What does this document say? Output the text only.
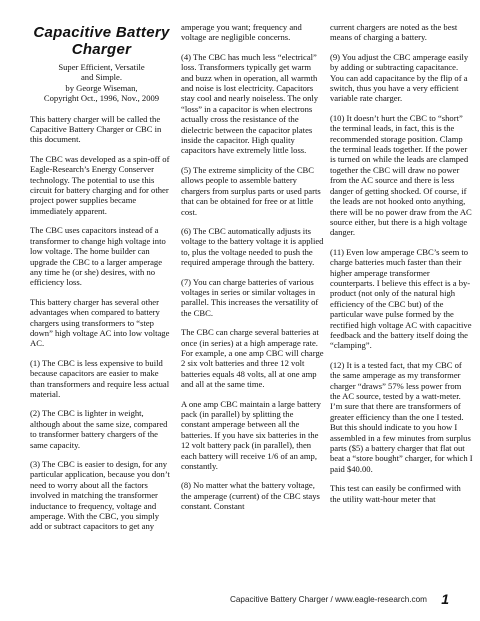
Capacitive Battery
Charger
Super Efficient, Versatile
and Simple.
by George Wiseman,
Copyright Oct., 1996, Nov., 2009

This battery charger will be called the Capacitive Battery Charger or CBC in this document.

The CBC was developed as a spin-off of Eagle-Research’s Energy Conserver technology. The potential to use this circuit for battery charging and for other project power supplies became immediately apparent.

The CBC uses capacitors instead of a transformer to change high voltage into low voltage. The home builder can upgrade the CBC to a larger amperage any time he (or she) desires, with no efficiency loss.

This battery charger has several other advantages when compared to battery chargers using transformers to “step down” high voltage AC into low voltage AC.

(1) The CBC is less expensive to build because capacitors are easier to make than transformers and require less actual material.

(2) The CBC is lighter in weight, although about the same size, compared to transformer battery chargers of the same capacity.

(3) The CBC is easier to design, for any particular application, because you don’t need to worry about all the factors involved in matching the transformer inductance to frequency, voltage and amperage. With the CBC, you simply add or subtract capacitors to get any

amperage you want; frequency and voltage are negligible concerns.

(4) The CBC has much less “electrical” loss. Transformers typically get warm and buzz when in operation, all warmth and noise is lost electricity. Capacitors stay cool and nearly noiseless. The only “loss” in a capacitor is when electrons actually cross the resistance of the dielectric between the capacitor plates inside the capacitor. High quality capacitors have extremely little loss.

(5) The extreme simplicity of the CBC allows people to assemble battery chargers from surplus parts or used parts that can be obtained for free or at little cost.

(6) The CBC automatically adjusts its voltage to the battery voltage it is applied to, plus the voltage needed to push the required amperage through the battery.

(7) You can charge batteries of various voltages in series or similar voltages in parallel. This increases the versatility of the CBC.

The CBC can charge several batteries at once (in series) at a high amperage rate. For example, a one amp CBC will charge 2 six volt batteries and three 12 volt batteries equals 48 volts, all at one amp and all at the same time.

A one amp CBC maintain a large battery pack (in parallel) by splitting the constant amperage between all the batteries. If you have six batteries in the 12 volt battery pack (in parallel), then each battery will receive 1/6 of an amp, constantly.

(8) No matter what the battery voltage, the amperage (current) of the CBC stays constant. Constant

current chargers are noted as the best means of charging a battery.

(9) You adjust the CBC amperage easily by adding or subtracting capacitance. You can add capacitance by the flip of a switch, thus you have a very efficient variable rate charger.

(10) It doesn’t hurt the CBC to “short” the terminal leads, in fact, this is the recommended storage position. Clamp the terminal leads together. If the power is turned on while the leads are clamped together the CBC will draw no power from the AC source and there is less danger of getting shocked. Of course, if the leads are not hooked onto anything, there will be no power draw from the AC source either, but there is a high voltage danger.

(11) Even low amperage CBC’s seem to charge batteries much faster than their higher amperage transformer counterparts. I believe this effect is a by-product (not only of the natural high efficiency of the CBC but) of the particular wave pulse formed by the rectified high voltage AC with capacitive feedback and the battery itself doing the “clamping”.

(12) It is a tested fact, that my CBC of the same amperage as my transformer charger “draws” 57% less power from the AC source, tested by a watt-meter. I’m sure that there are transformers of greater efficiency than the one I tested. But this should indicate to you how I assembled in a few minutes from surplus parts ($5) a battery charger that flat out beat a “store bought” charger, for which I paid $40.00.

This test can easily be confirmed with the utility watt-hour meter that

Capacitive Battery Charger / www.eagle-research.com 1
